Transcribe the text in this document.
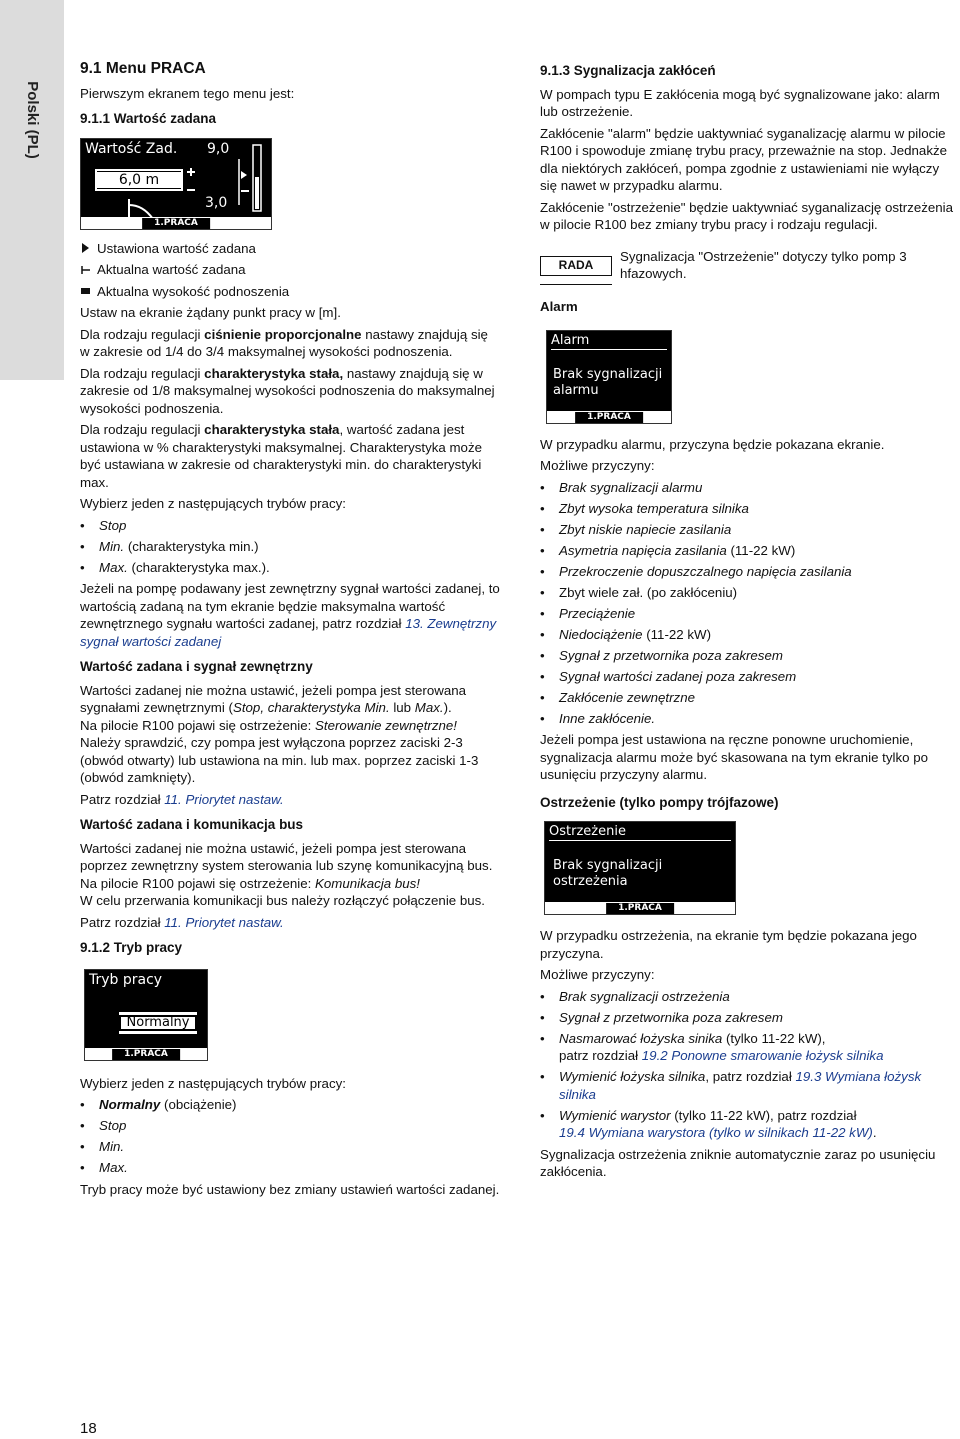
Polski (PL)
9.1 Menu PRACA

Pierwszym ekranem tego menu jest:

9.1.1 Wartość zadana
Wartość Zad. 9,0
6,0 m
3,0
1.PRACA
Ustawiona wartość zadana
Aktualna wartość zadana
Aktualna wysokość podnoszenia

Ustaw na ekranie żądany punkt pracy w [m].

Dla rodzaju regulacji ciśnienie proporcjonalne nastawy znajdują się w zakresie od 1/4 do 3/4 maksymalnej wysokości podnoszenia.

Dla rodzaju regulacji charakterystyka stała, nastawy znajdują się w zakresie od 1/8 maksymalnej wysokości podnoszenia do maksymalnej wysokości podnoszenia.

Dla rodzaju regulacji charakterystyka stała, wartość zadana jest ustawiona w % charakterystyki maksymalnej. Charakterystyka może być ustawiana w zakresie od charakterystyki min. do charakterystyki max.

Wybierz jeden z następujących trybów pracy:

• Stop
• Min. (charakterystyka min.)
• Max. (charakterystyka max.).

Jeżeli na pompę podawany jest zewnętrzny sygnał wartości zadanej, to wartością zadaną na tym ekranie będzie maksymalna wartość zewnętrznego sygnału wartości zadanej, patrz rozdział 13. Zewnętrzny sygnał wartości zadanej

Wartość zadana i sygnał zewnętrzny

Wartości zadanej nie można ustawić, jeżeli pompa jest sterowana sygnałami zewnętrznymi (Stop, charakterystyka Min. lub Max.).
Na pilocie R100 pojawi się ostrzeżenie: Sterowanie zewnętrzne!
Należy sprawdzić, czy pompa jest wyłączona poprzez zaciski 2-3 (obwód otwarty) lub ustawiona na min. lub max. poprzez zaciski 1-3 (obwód zamknięty).

Patrz rozdział 11. Priorytet nastaw.

Wartość zadana i komunikacja bus

Wartości zadanej nie można ustawić, jeżeli pompa jest sterowana poprzez zewnętrzny system sterowania lub szynę komunikacyjną bus. Na pilocie R100 pojawi się ostrzeżenie: Komunikacja bus!
W celu przerwania komunikacji bus należy rozłączyć połączenie bus.

Patrz rozdział 11. Priorytet nastaw.

9.1.2 Tryb pracy
Tryb pracy
Normalny
1.PRACA

Wybierz jeden z następujących trybów pracy:

• Normalny (obciążenie)
• Stop
• Min.
• Max.

Tryb pracy może być ustawiony bez zmiany ustawień wartości zadanej.

9.1.3 Sygnalizacja zakłóceń

W pompach typu E zakłócenia mogą być sygnalizowane jako: alarm lub ostrzeżenie.

Zakłócenie "alarm" będzie uaktywniać syganalizację alarmu w pilocie R100 i spowoduje zmianę trybu pracy, przeważnie na stop. Jednakże dla niektórych zakłóceń, pompa zgodnie z ustawieniami nie wyłączy się nawet w przypadku alarmu.

Zakłócenie "ostrzeżenie" będzie uaktywniać syganalizację ostrzeżenia w pilocie R100 bez zmiany trybu pracy i rodzaju regulacji.

RADA
Sygnalizacja "Ostrzeżenie" dotyczy tylko pomp 3 hfazowych.
Alarm
Alarm
Brak sygnalizacji
alarmu
1.PRACA

W przypadku alarmu, przyczyna będzie pokazana ekranie.

Możliwe przyczyny:

• Brak sygnalizacji alarmu
• Zbyt wysoka temperatura silnika
• Zbyt niskie napiecie zasilania
• Asymetria napięcia zasilania (11-22 kW)
• Przekroczenie dopuszczalnego napięcia zasilania
• Zbyt wiele zał. (po zakłóceniu)
• Przeciążenie
• Niedociążenie (11-22 kW)
• Sygnał z przetwornika poza zakresem
• Sygnał wartości zadanej poza zakresem
• Zakłócenie zewnętrzne
• Inne zakłócenie.

Jeżeli pompa jest ustawiona na ręczne ponowne uruchomienie, sygnalizacja alarmu może być skasowana na tym ekranie tylko po usunięciu przyczyny alarmu.

Ostrzeżenie (tylko pompy trójfazowe)
Ostrzeżenie
Brak sygnalizacji
ostrzeżenia
1.PRACA

W przypadku ostrzeżenia, na ekranie tym będzie pokazana jego przyczyna.

Możliwe przyczyny:

• Brak sygnalizacji ostrzeżenia
• Sygnał z przetwornika poza zakresem
• Nasmarować łożyska sinika (tylko 11-22 kW),
patrz rozdział 19.2 Ponowne smarowanie łożysk silnika
• Wymienić łożyska silnika, patrz rozdział 19.3 Wymiana łożysk silnika
• Wymienić warystor (tylko 11-22 kW), patrz rozdział
19.4 Wymiana warystora (tylko w silnikach 11-22 kW).

Sygnalizacja ostrzeżenia zniknie automatycznie zaraz po usunięciu zakłócenia.

18
